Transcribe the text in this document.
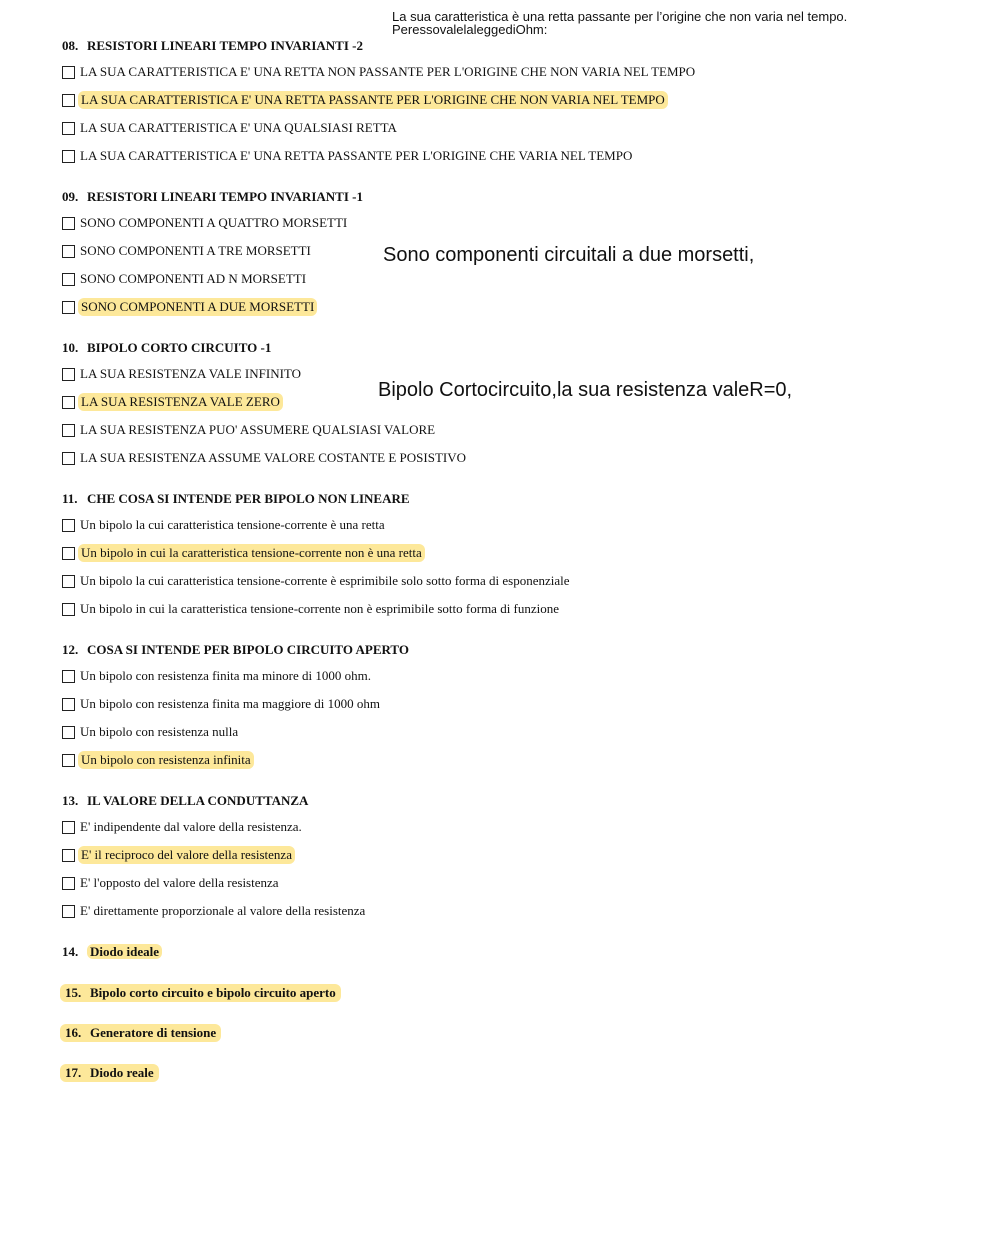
La sua caratteristica è una retta passante per l’origine che non varia nel tempo.
PeressovalelaleggediOhm:
Sono componenti circuitali a due morsetti,
Bipolo Cortocircuito,la sua resistenza valeR=0,
08. RESISTORI LINEARI TEMPO INVARIANTI -2
LA SUA CARATTERISTICA E' UNA RETTA NON PASSANTE PER L'ORIGINE CHE NON VARIA NEL TEMPO
LA SUA CARATTERISTICA E' UNA RETTA PASSANTE PER L'ORIGINE CHE NON VARIA NEL TEMPO
LA SUA CARATTERISTICA E' UNA QUALSIASI RETTA
LA SUA CARATTERISTICA E' UNA RETTA PASSANTE PER L'ORIGINE CHE VARIA NEL TEMPO
09. RESISTORI LINEARI TEMPO INVARIANTI -1
SONO COMPONENTI A QUATTRO MORSETTI
SONO COMPONENTI A TRE MORSETTI
SONO COMPONENTI AD N MORSETTI
SONO COMPONENTI A DUE MORSETTI
10. BIPOLO CORTO CIRCUITO -1
LA SUA RESISTENZA VALE INFINITO
LA SUA RESISTENZA VALE ZERO
LA SUA RESISTENZA PUO' ASSUMERE QUALSIASI VALORE
LA SUA RESISTENZA ASSUME VALORE COSTANTE E POSISTIVO
11. CHE COSA SI INTENDE PER BIPOLO NON LINEARE
Un bipolo la cui caratteristica tensione-corrente è una retta
Un bipolo in cui la caratteristica tensione-corrente non è una retta
Un bipolo la cui caratteristica tensione-corrente è esprimibile solo sotto forma di esponenziale
Un bipolo in cui la caratteristica tensione-corrente non è esprimibile sotto forma di funzione
12. COSA SI INTENDE PER BIPOLO CIRCUITO APERTO
Un bipolo con resistenza finita ma minore di 1000 ohm.
Un bipolo con resistenza finita ma maggiore di 1000 ohm
Un bipolo con resistenza nulla
Un bipolo con resistenza infinita
13. IL VALORE DELLA CONDUTTANZA
E' indipendente dal valore della resistenza.
E' il reciproco del valore della resistenza
E' l'opposto del valore della resistenza
E' direttamente proporzionale al valore della resistenza
14. Diodo ideale
15. Bipolo corto circuito e bipolo circuito aperto
16. Generatore di tensione
17. Diodo reale
